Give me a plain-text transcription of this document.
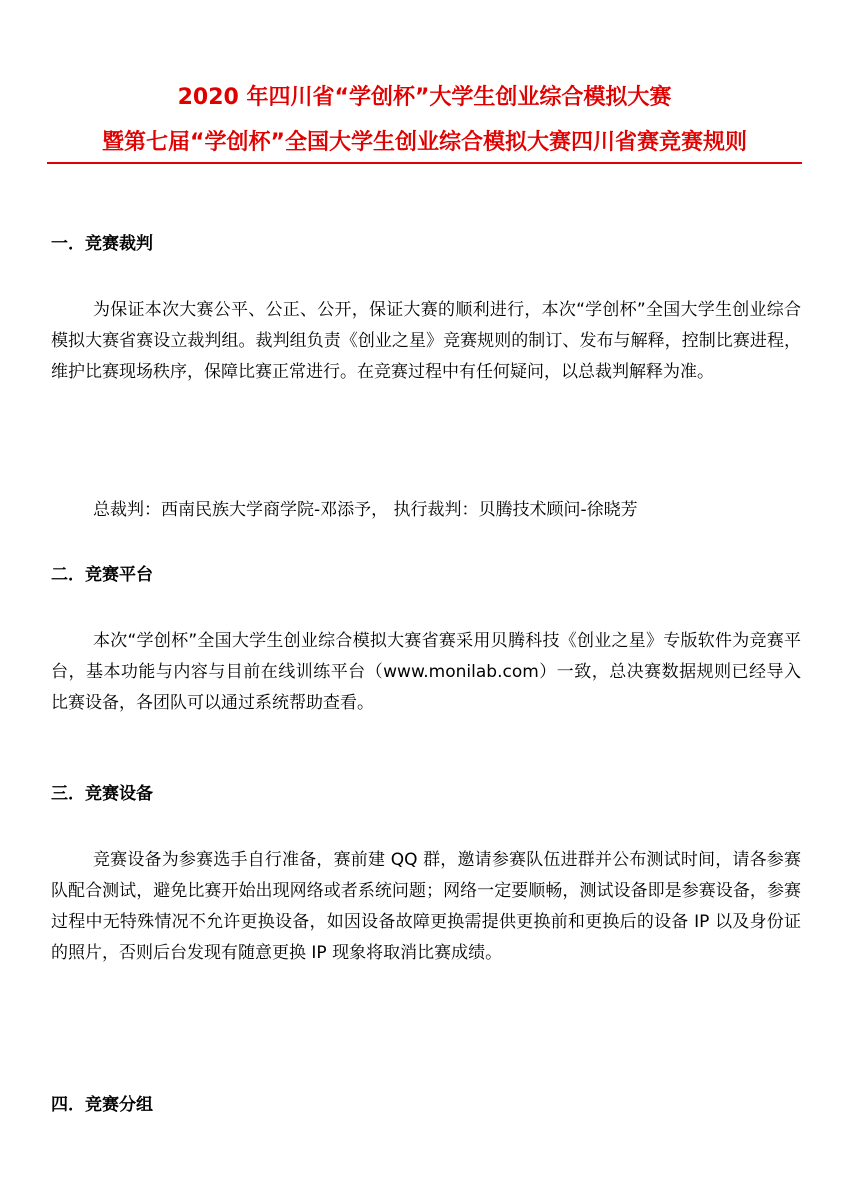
2020 年四川省“学创杯”大学生创业综合模拟大赛
暨第七届“学创杯”全国大学生创业综合模拟大赛四川省赛竞赛规则
一．竞赛裁判

为保证本次大赛公平、公正、公开，保证大赛的顺利进行，本次“学创杯”全国大学生创业综合模拟大赛省赛设立裁判组。裁判组负责《创业之星》竞赛规则的制订、发布与解释，控制比赛进程，维护比赛现场秩序，保障比赛正常进行。在竞赛过程中有任何疑问，以总裁判解释为准。

总裁判：西南民族大学商学院-邓添予， 执行裁判：贝腾技术顾问-徐晓芳
二．竞赛平台

本次“学创杯”全国大学生创业综合模拟大赛省赛采用贝腾科技《创业之星》专版软件为竞赛平台，基本功能与内容与目前在线训练平台（www.monilab.com）一致，总决赛数据规则已经导入比赛设备，各团队可以通过系统帮助查看。

三．竞赛设备

竞赛设备为参赛选手自行准备，赛前建 QQ 群，邀请参赛队伍进群并公布测试时间，请各参赛队配合测试，避免比赛开始出现网络或者系统问题；网络一定要顺畅，测试设备即是参赛设备，参赛过程中无特殊情况不允许更换设备，如因设备故障更换需提供更换前和更换后的设备 IP 以及身份证的照片，否则后台发现有随意更换 IP 现象将取消比赛成绩。

四．竞赛分组
